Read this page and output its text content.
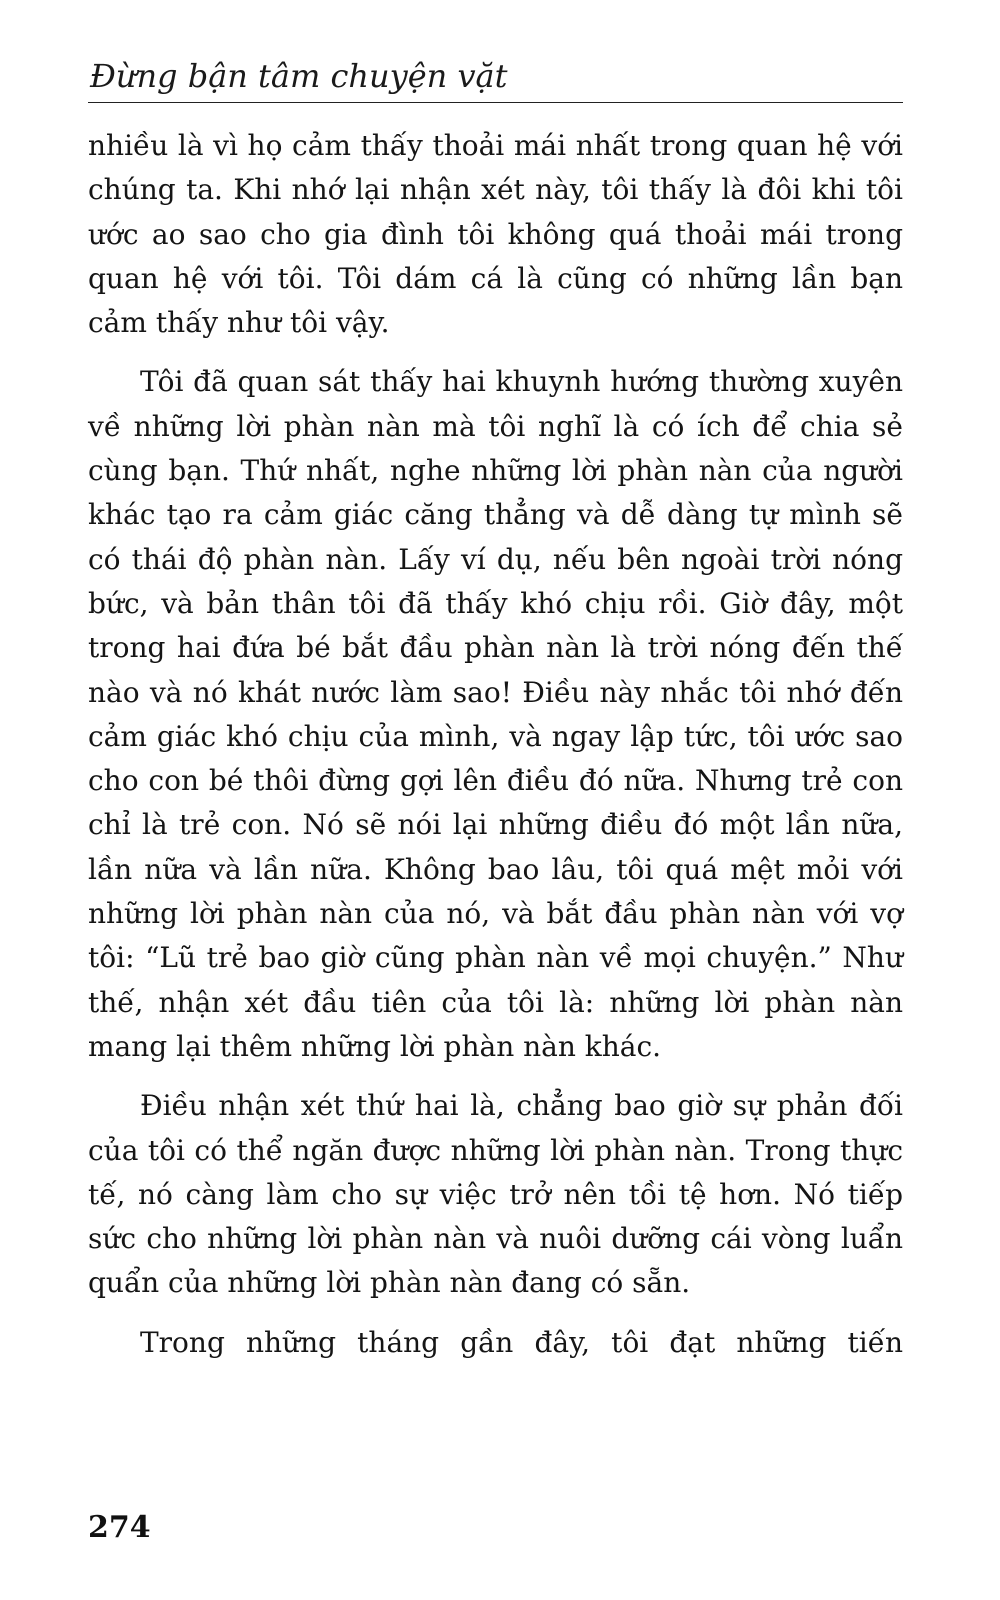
Đừng bận tâm chuyện vặt

nhiều là vì họ cảm thấy thoải mái nhất trong quan hệ với chúng ta. Khi nhớ lại nhận xét này, tôi thấy là đôi khi tôi ước ao sao cho gia đình tôi không quá thoải mái trong quan hệ với tôi. Tôi dám cá là cũng có những lần bạn cảm thấy như tôi vậy.

Tôi đã quan sát thấy hai khuynh hướng thường xuyên về những lời phàn nàn mà tôi nghĩ là có ích để chia sẻ cùng bạn. Thứ nhất, nghe những lời phàn nàn của người khác tạo ra cảm giác căng thẳng và dễ dàng tự mình sẽ có thái độ phàn nàn. Lấy ví dụ, nếu bên ngoài trời nóng bức, và bản thân tôi đã thấy khó chịu rồi. Giờ đây, một trong hai đứa bé bắt đầu phàn nàn là trời nóng đến thế nào và nó khát nước làm sao! Điều này nhắc tôi nhớ đến cảm giác khó chịu của mình, và ngay lập tức, tôi ước sao cho con bé thôi đừng gợi lên điều đó nữa. Nhưng trẻ con chỉ là trẻ con. Nó sẽ nói lại những điều đó một lần nữa, lần nữa và lần nữa. Không bao lâu, tôi quá mệt mỏi với những lời phàn nàn của nó, và bắt đầu phàn nàn với vợ tôi: “Lũ trẻ bao giờ cũng phàn nàn về mọi chuyện.” Như thế, nhận xét đầu tiên của tôi là: những lời phàn nàn mang lại thêm những lời phàn nàn khác.

Điều nhận xét thứ hai là, chẳng bao giờ sự phản đối của tôi có thể ngăn được những lời phàn nàn. Trong thực tế, nó càng làm cho sự việc trở nên tồi tệ hơn. Nó tiếp sức cho những lời phàn nàn và nuôi dưỡng cái vòng luẩn quẩn của những lời phàn nàn đang có sẵn.

Trong những tháng gần đây, tôi đạt những tiến

274
